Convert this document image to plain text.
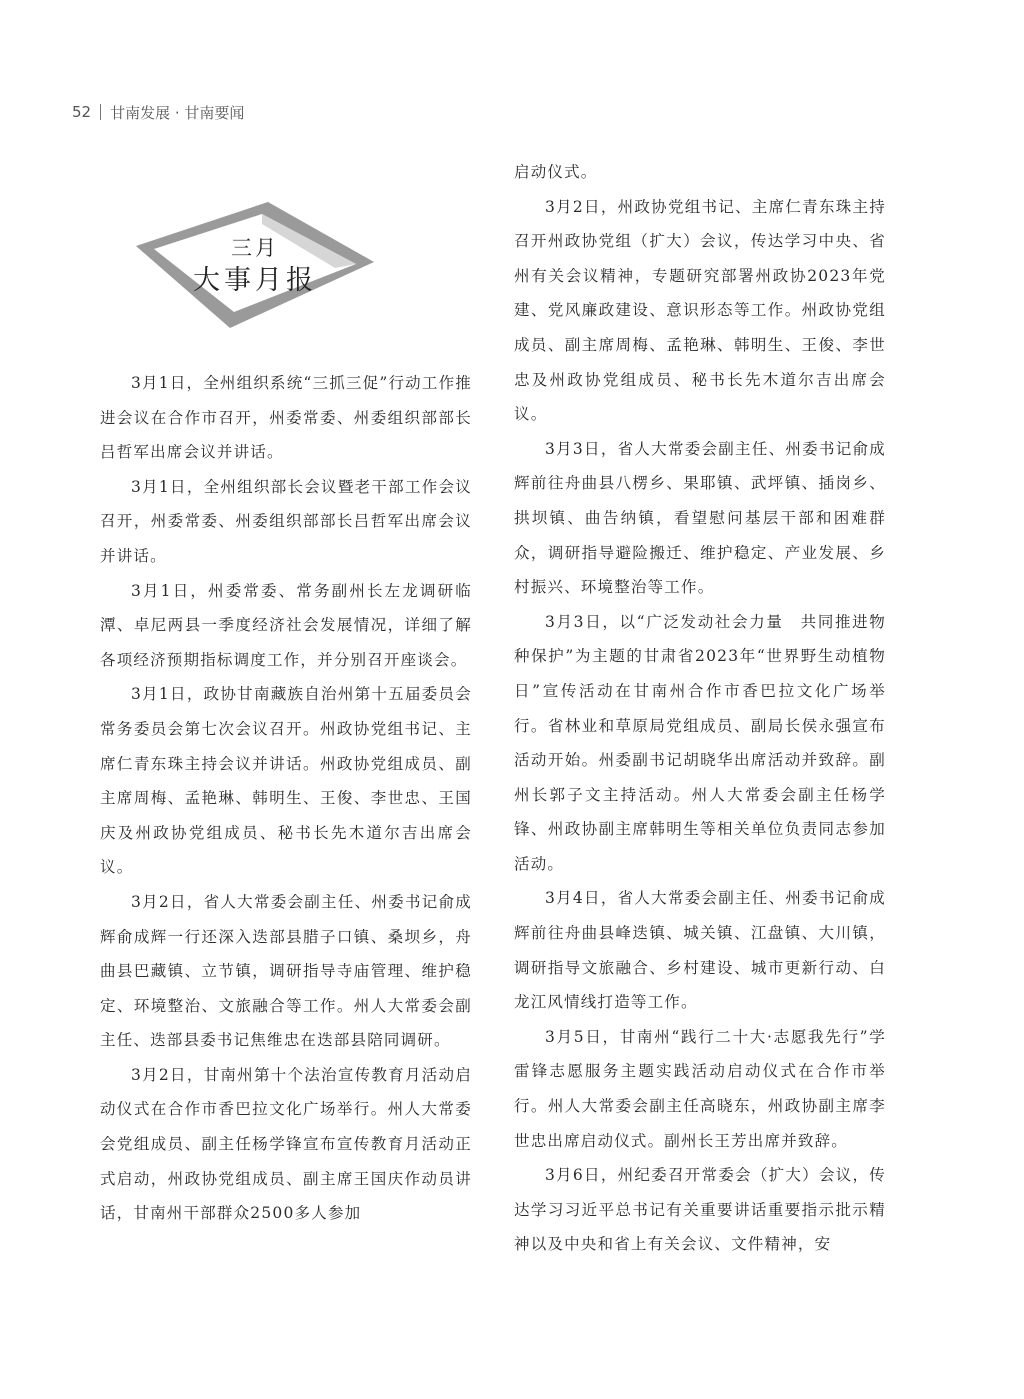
52 甘南发展 · 甘南要闻
三月
大事月报

3月1日，全州组织系统“三抓三促”行动工作推进会议在合作市召开，州委常委、州委组织部部长吕哲军出席会议并讲话。

3月1日，全州组织部长会议暨老干部工作会议召开，州委常委、州委组织部部长吕哲军出席会议并讲话。

3月1日，州委常委、常务副州长左龙调研临潭、卓尼两县一季度经济社会发展情况，详细了解各项经济预期指标调度工作，并分别召开座谈会。

3月1日，政协甘南藏族自治州第十五届委员会常务委员会第七次会议召开。州政协党组书记、主席仁青东珠主持会议并讲话。州政协党组成员、副主席周梅、孟艳琳、韩明生、王俊、李世忠、王国庆及州政协党组成员、秘书长先木道尔吉出席会议。

3月2日，省人大常委会副主任、州委书记俞成辉俞成辉一行还深入迭部县腊子口镇、桑坝乡，舟曲县巴藏镇、立节镇，调研指导寺庙管理、维护稳定、环境整治、文旅融合等工作。州人大常委会副主任、迭部县委书记焦维忠在迭部县陪同调研。

3月2日，甘南州第十个法治宣传教育月活动启动仪式在合作市香巴拉文化广场举行。州人大常委会党组成员、副主任杨学锋宣布宣传教育月活动正式启动，州政协党组成员、副主席王国庆作动员讲话，甘南州干部群众2500多人参加

启动仪式。

3月2日，州政协党组书记、主席仁青东珠主持召开州政协党组（扩大）会议，传达学习中央、省州有关会议精神，专题研究部署州政协2023年党建、党风廉政建设、意识形态等工作。州政协党组成员、副主席周梅、孟艳琳、韩明生、王俊、李世忠及州政协党组成员、秘书长先木道尔吉出席会议。

3月3日，省人大常委会副主任、州委书记俞成辉前往舟曲县八楞乡、果耶镇、武坪镇、插岗乡、拱坝镇、曲告纳镇，看望慰问基层干部和困难群众，调研指导避险搬迁、维护稳定、产业发展、乡村振兴、环境整治等工作。

3月3日，以“广泛发动社会力量　共同推进物种保护”为主题的甘肃省2023年“世界野生动植物日”宣传活动在甘南州合作市香巴拉文化广场举行。省林业和草原局党组成员、副局长侯永强宣布活动开始。州委副书记胡晓华出席活动并致辞。副州长郭子文主持活动。州人大常委会副主任杨学锋、州政协副主席韩明生等相关单位负责同志参加活动。

3月4日，省人大常委会副主任、州委书记俞成辉前往舟曲县峰迭镇、城关镇、江盘镇、大川镇，调研指导文旅融合、乡村建设、城市更新行动、白龙江风情线打造等工作。

3月5日，甘南州“践行二十大·志愿我先行”学雷锋志愿服务主题实践活动启动仪式在合作市举行。州人大常委会副主任高晓东，州政协副主席李世忠出席启动仪式。副州长王芳出席并致辞。

3月6日，州纪委召开常委会（扩大）会议，传达学习习近平总书记有关重要讲话重要指示批示精神以及中央和省上有关会议、文件精神，安
